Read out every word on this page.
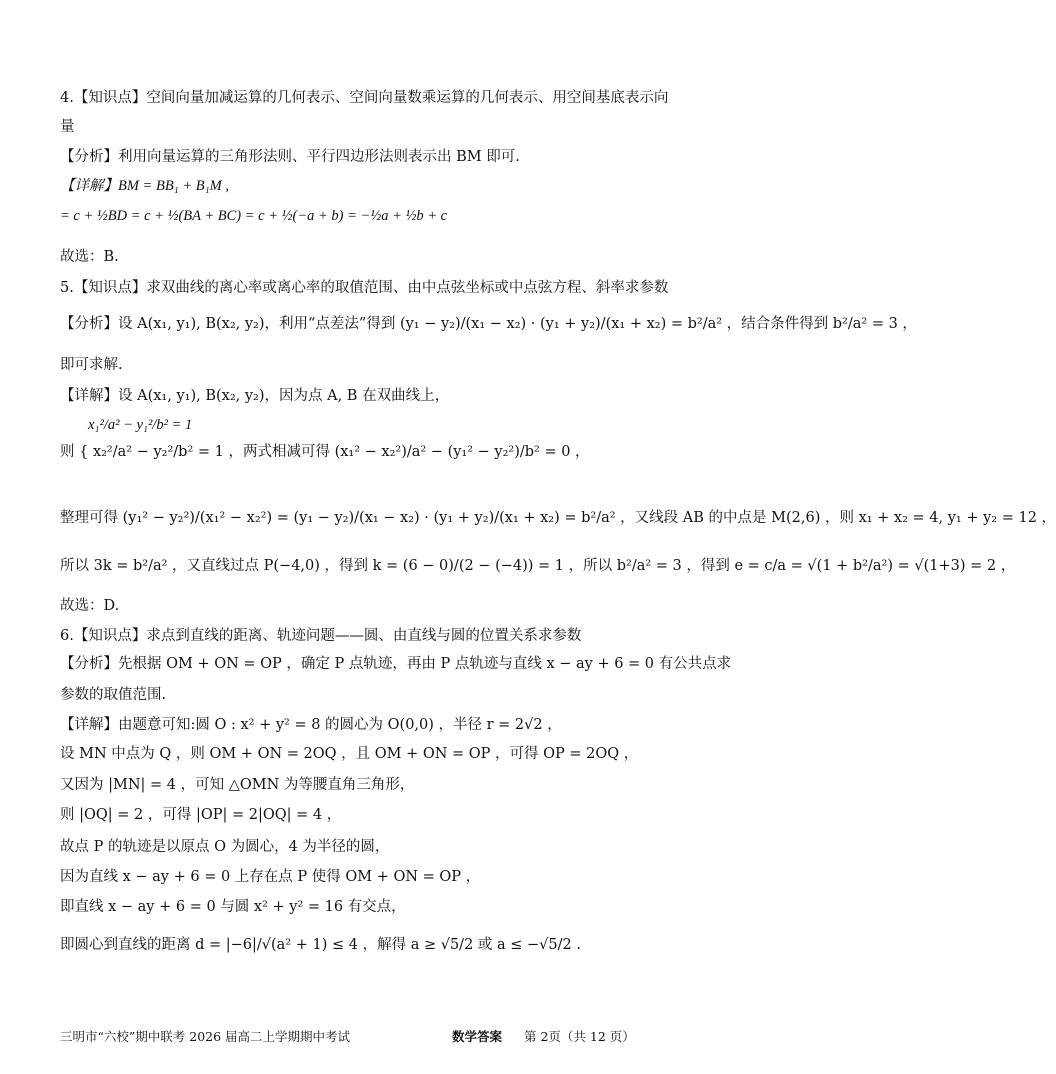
4.【知识点】空间向量加减运算的几何表示、空间向量数乘运算的几何表示、用空间基底表示向
量
【分析】利用向量运算的三角形法则、平行四边形法则表示出 BM 即可.
【详解】BM = BB₁ + B₁M ,
= c + ½BD = c + ½(BA + BC) = c + ½(−a + b) = −½a + ½b + c
故选：B.
5.【知识点】求双曲线的离心率或离心率的取值范围、由中点弦坐标或中点弦方程、斜率求参数
【分析】设 A(x₁, y₁), B(x₂, y₂)，利用“点差法”得到 (y₁ − y₂)/(x₁ − x₂) · (y₁ + y₂)/(x₁ + x₂) = b²/a² ，结合条件得到 b²/a² = 3 ，
即可求解.
【详解】设 A(x₁, y₁), B(x₂, y₂)，因为点 A, B 在双曲线上，
x₁²/a² − y₁²/b² = 1
则 { x₂²/a² − y₂²/b² = 1 ，两式相减可得 (x₁² − x₂²)/a² − (y₁² − y₂²)/b² = 0 ，
整理可得 (y₁² − y₂²)/(x₁² − x₂²) = (y₁ − y₂)/(x₁ − x₂) · (y₁ + y₂)/(x₁ + x₂) = b²/a² ，又线段 AB 的中点是 M(2,6) ，则 x₁ + x₂ = 4, y₁ + y₂ = 12 ，
所以 3k = b²/a² ，又直线过点 P(−4,0) ，得到 k = (6 − 0)/(2 − (−4)) = 1 ，所以 b²/a² = 3 ，得到 e = c/a = √(1 + b²/a²) = √(1+3) = 2 ，
故选：D.
6.【知识点】求点到直线的距离、轨迹问题——圆、由直线与圆的位置关系求参数
【分析】先根据 OM + ON = OP ，确定 P 点轨迹，再由 P 点轨迹与直线 x − ay + 6 = 0 有公共点求
参数的取值范围.
【详解】由题意可知:圆 O : x² + y² = 8 的圆心为 O(0,0) ，半径 r = 2√2 ，
设 MN 中点为 Q ，则 OM + ON = 2OQ ，且 OM + ON = OP ，可得 OP = 2OQ ，
又因为 |MN| = 4 ，可知 △OMN 为等腰直角三角形，
则 |OQ| = 2 ，可得 |OP| = 2|OQ| = 4 ，
故点 P 的轨迹是以原点 O 为圆心，4 为半径的圆，
因为直线 x − ay + 6 = 0 上存在点 P 使得 OM + ON = OP ，
即直线 x − ay + 6 = 0 与圆 x² + y² = 16 有交点，
即圆心到直线的距离 d = |−6|/√(a² + 1) ≤ 4 ，解得 a ≥ √5/2 或 a ≤ −√5/2 .
三明市“六校”期中联考 2026 届高二上学期期中考试	数学答案 第 2页（共 12 页）
